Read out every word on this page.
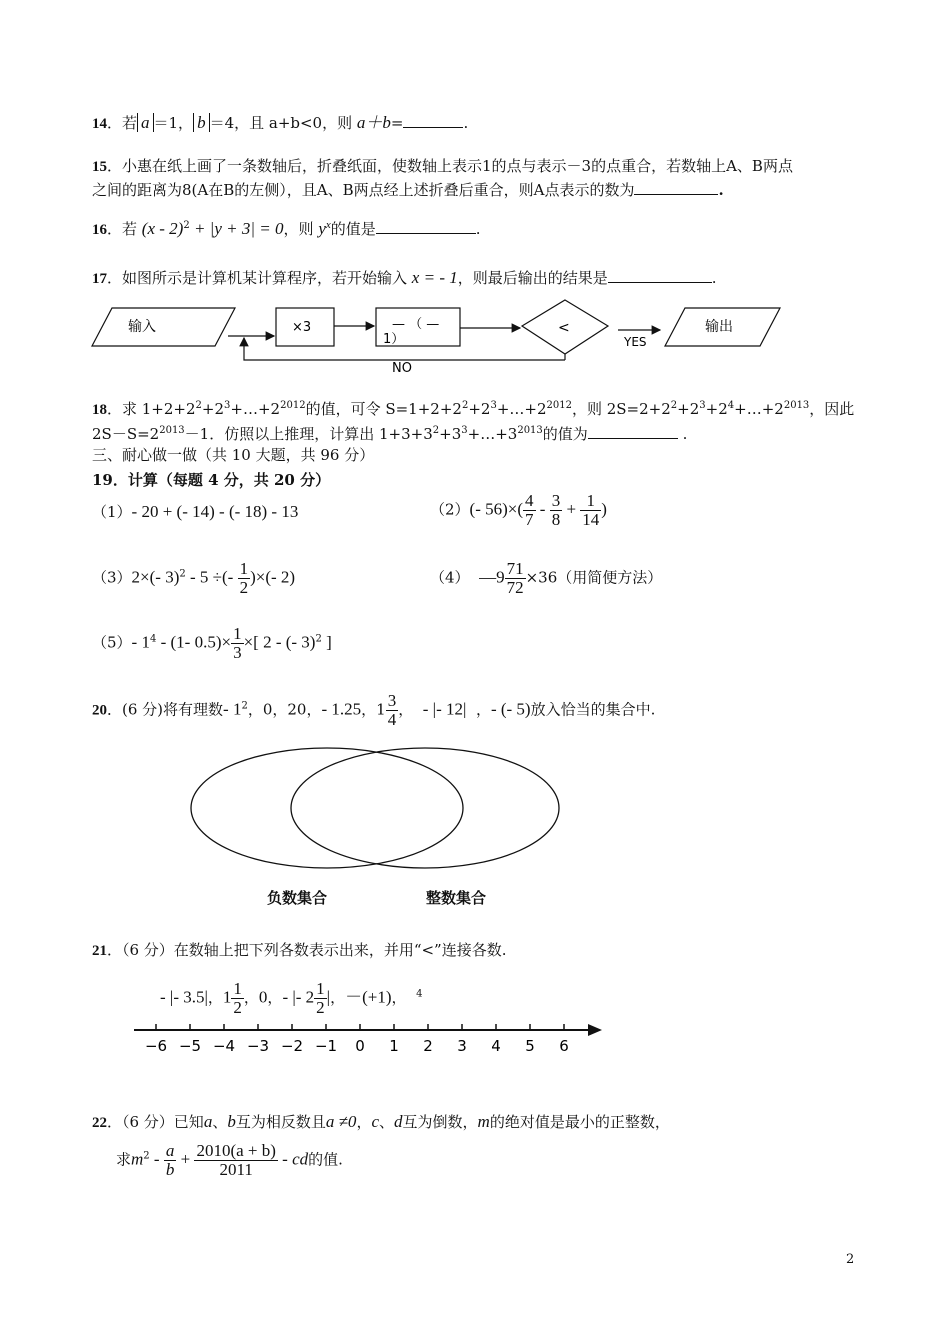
14．若 a ＝1， b ＝4，且 a+b<0，则 a＋b=	.
15．小惠在纸上画了一条数轴后，折叠纸面，使数轴上表示1的点与表示－3的点重合，若数轴上A、B两点
之间的距离为8(A在B的左侧），且A、B两点经上述折叠后重合，则A点表示的数为	.
16．若 (x - 2)$^2$ + |y + 3| = 0，则 $y^x$的值是	.
17．如图所示是计算机某计算程序，若开始输入 x = - 1，则最后输出的结果是	.
输入	×3	— （ —
1）
<
NO
YES
输出
18．求 $1+2+2^2+2^3+\dots+2^{2012}$的值，可令 $S=1+2+2^2+2^3+\dots+2^{2012}$，则 $2S=2+2^2+2^3+2^4+\dots+2^{2013}$，因此
$2S-S=2^{2013}-1$．仿照以上推理，计算出 $1+3+3^2+3^3+\dots+3^{2013}$的值为	.
三、耐心做一做（共 10 大题，共 96 分）
19．计算（每题 4 分，共 20 分）
（1）- 20 + (- 14) - (- 18) - 13	（2）(- $56)\times( \frac{4}{7} - \frac{3}{8} + \frac{1}{14}$ )
（3）2×(- 3)$^2$ - 5 ÷(- $\frac{1}{2}$ )×(- 2)	（4） —9 $\frac{71}{72} \times 36$（用简便方法）
（5）- $1^4 - (1-$ $0.5)\times \frac{1}{3}$ ×[ 2 - (- 3)$^2$ ]
20．(6 分)将有理数- $1^2$，0，20，- 1.25，$1 \frac{3}{4}$ ， - |- 12| ，- (- 5)放入恰当的集合中.
负数集合	整数集合
21．（6 分）在数轴上把下列各数表示出来，并用“<”连接各数.
- |- 3.5|，$1 \frac{1}{2}$ ，0，- |- $2 \frac{1}{2}$ |，－(+1)， $^4$
−6 −5 −4 −3 −2 −1 0 1 2 3 4 5 6
22．（6 分）已知a、b互为相反数且a ≠0，c、d互为倒数，m的绝对值是最小的正整数，
求$m^2 - \frac{a}{b} + \frac{2010(a + b)}{2011}$ - cd的值.
2
